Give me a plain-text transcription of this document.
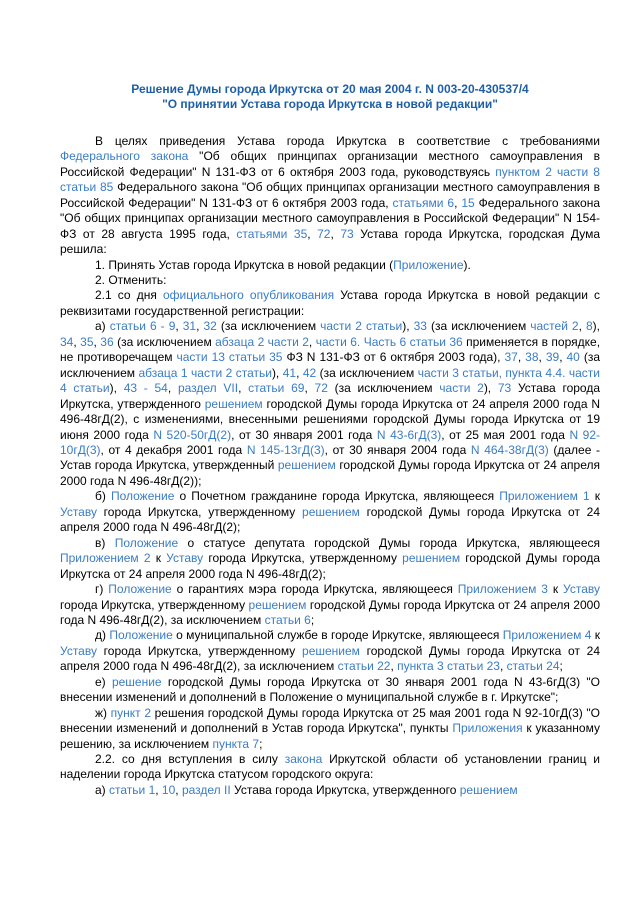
Решение Думы города Иркутска от 20 мая 2004 г. N 003-20-430537/4
"О принятии Устава города Иркутска в новой редакции"
В целях приведения Устава города Иркутска в соответствие с требованиями Федерального закона "Об общих принципах организации местного самоуправления в Российской Федерации" N 131-ФЗ от 6 октября 2003 года, руководствуясь пунктом 2 части 8 статьи 85 Федерального закона "Об общих принципах организации местного самоуправления в Российской Федерации" N 131-ФЗ от 6 октября 2003 года, статьями 6, 15 Федерального закона "Об общих принципах организации местного самоуправления в Российской Федерации" N 154-ФЗ от 28 августа 1995 года, статьями 35, 72, 73 Устава города Иркутска, городская Дума решила:
1. Принять Устав города Иркутска в новой редакции (Приложение).
2. Отменить:
2.1 со дня официального опубликования Устава города Иркутска в новой редакции с реквизитами государственной регистрации:
а) статьи 6 - 9, 31, 32 (за исключением части 2 статьи), 33 (за исключением частей 2, 8), 34, 35, 36 (за исключением абзаца 2 части 2, части 6. Часть 6 статьи 36 применяется в порядке, не противоречащем части 13 статьи 35 ФЗ N 131-ФЗ от 6 октября 2003 года), 37, 38, 39, 40 (за исключением абзаца 1 части 2 статьи), 41, 42 (за исключением части 3 статьи, пункта 4.4. части 4 статьи), 43 - 54, раздел VII, статьи 69, 72 (за исключением части 2), 73 Устава города Иркутска, утвержденного решением городской Думы города Иркутска от 24 апреля 2000 года N 496-48гД(2), с изменениями, внесенными решениями городской Думы города Иркутска от 19 июня 2000 года N 520-50гД(2), от 30 января 2001 года N 43-6гД(3), от 25 мая 2001 года N 92-10гД(3), от 4 декабря 2001 года N 145-13гД(3), от 30 января 2004 года N 464-38гД(3) (далее - Устав города Иркутска, утвержденный решением городской Думы города Иркутска от 24 апреля 2000 года N 496-48гД(2));
б) Положение о Почетном гражданине города Иркутска, являющееся Приложением 1 к Уставу города Иркутска, утвержденному решением городской Думы города Иркутска от 24 апреля 2000 года N 496-48гД(2);
в) Положение о статусе депутата городской Думы города Иркутска, являющееся Приложением 2 к Уставу города Иркутска, утвержденному решением городской Думы города Иркутска от 24 апреля 2000 года N 496-48гД(2);
г) Положение о гарантиях мэра города Иркутска, являющееся Приложением 3 к Уставу города Иркутска, утвержденному решением городской Думы города Иркутска от 24 апреля 2000 года N 496-48гД(2), за исключением статьи 6;
д) Положение о муниципальной службе в городе Иркутске, являющееся Приложением 4 к Уставу города Иркутска, утвержденному решением городской Думы города Иркутска от 24 апреля 2000 года N 496-48гД(2), за исключением статьи 22, пункта 3 статьи 23, статьи 24;
е) решение городской Думы города Иркутска от 30 января 2001 года N 43-6гД(3) "О внесении изменений и дополнений в Положение о муниципальной службе в г. Иркутске";
ж) пункт 2 решения городской Думы города Иркутска от 25 мая 2001 года N 92-10гД(3) "О внесении изменений и дополнений в Устав города Иркутска", пункты Приложения к указанному решению, за исключением пункта 7;
2.2. со дня вступления в силу закона Иркутской области об установлении границ и наделении города Иркутска статусом городского округа:
а) статьи 1, 10, раздел II Устава города Иркутска, утвержденного решением
